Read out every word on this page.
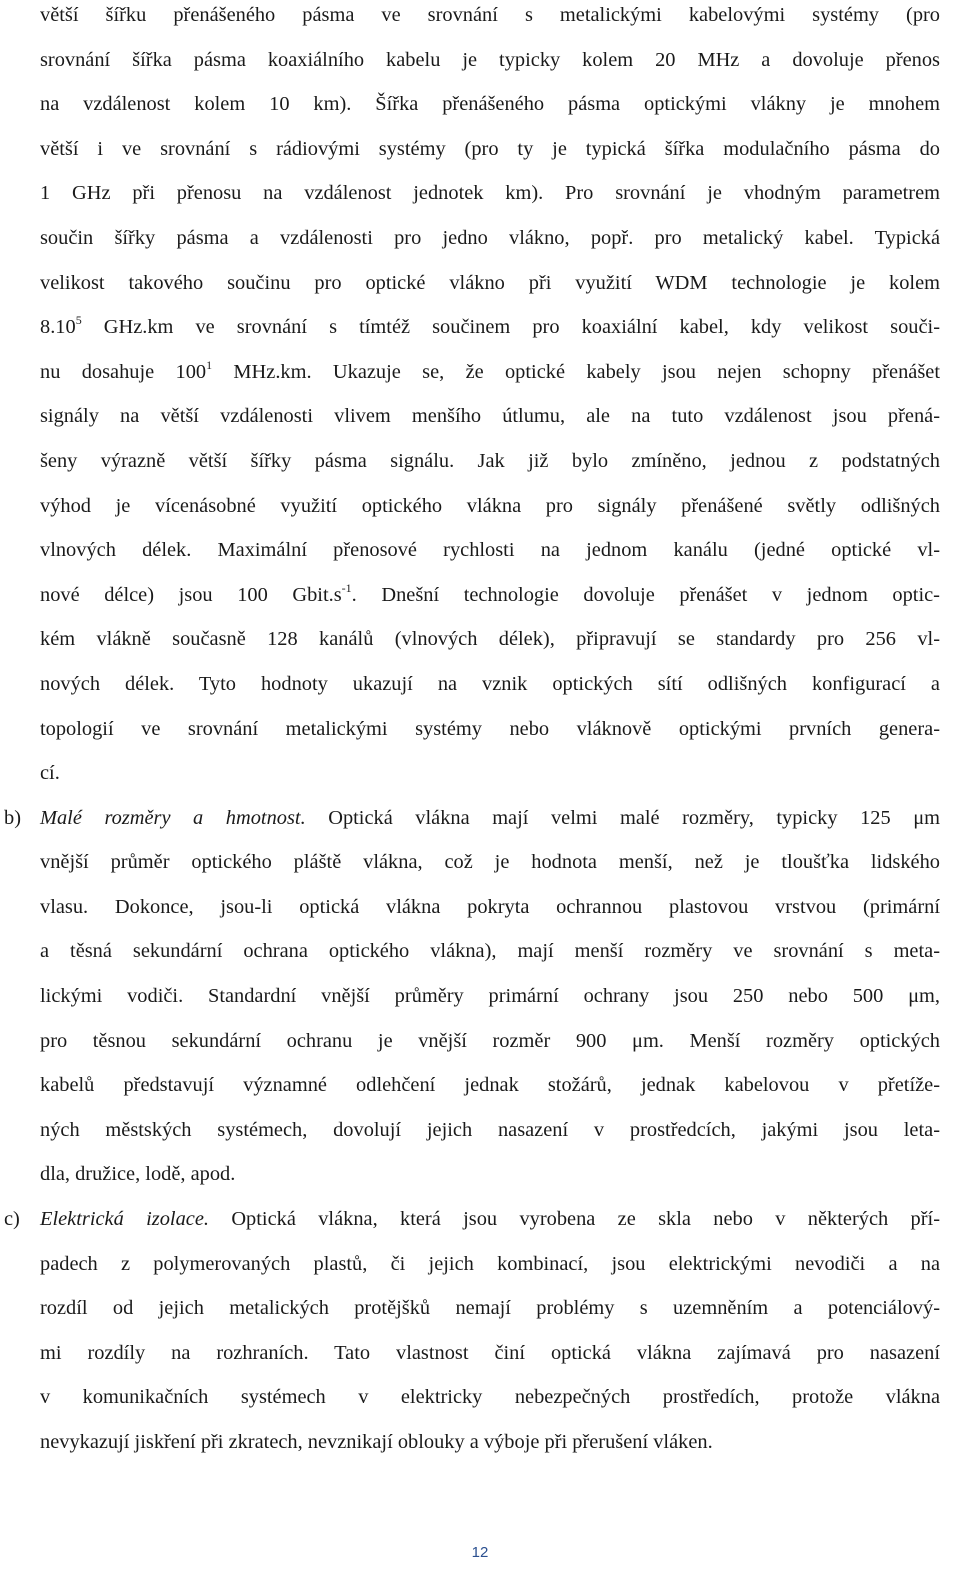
větší šířku přenášeného pásma ve srovnání s metalickými kabelovými systémy (pro
srovnání šířka pásma koaxiálního kabelu je typicky kolem 20 MHz a dovoluje přenos
na vzdálenost kolem 10 km). Šířka přenášeného pásma optickými vlákny je mnohem
větší i ve srovnání s rádiovými systémy (pro ty je typická šířka modulačního pásma do
1 GHz při přenosu na vzdálenost jednotek km). Pro srovnání je vhodným parametrem
součin šířky pásma a vzdálenosti pro jedno vlákno, popř. pro metalický kabel. Typická
velikost takového součinu pro optické vlákno při využití WDM technologie je kolem
8.10$^5$ GHz.km ve srovnání s tímtéž součinem pro koaxiální kabel, kdy velikost souči-
nu dosahuje $100^1$ MHz.km. Ukazuje se, že optické kabely jsou nejen schopny přenášet
signály na větší vzdálenosti vlivem menšího útlumu, ale na tuto vzdálenost jsou přená-
šeny výrazně větší šířky pásma signálu. Jak již bylo zmíněno, jednou z podstatných
výhod je vícenásobné využití optického vlákna pro signály přenášené světly odlišných
vlnových délek. Maximální přenosové rychlosti na jednom kanálu (jedné optické vl-
nové délce) jsou 100 $Gbit.s^{-1}$. Dnešní technologie dovoluje přenášet v jednom optic-
kém vlákně současně 128 kanálů (vlnových délek), připravují se standardy pro 256 vl-
nových délek. Tyto hodnoty ukazují na vznik optických sítí odlišných konfigurací a
topologií ve srovnání metalickými systémy nebo vláknově optickými prvních genera-
cí.
b) Malé rozměry a hmotnost. Optická vlákna mají velmi malé rozměry, typicky 125 μm
vnější průměr optického pláště vlákna, což je hodnota menší, než je tloušťka lidského
vlasu. Dokonce, jsou-li optická vlákna pokryta ochrannou plastovou vrstvou (primární
a těsná sekundární ochrana optického vlákna), mají menší rozměry ve srovnání s meta-
lickými vodiči. Standardní vnější průměry primární ochrany jsou 250 nebo 500 μm,
pro těsnou sekundární ochranu je vnější rozměr 900 μm. Menší rozměry optických
kabelů představují významné odlehčení jednak stožárů, jednak kabelovou v přetíže-
ných městských systémech, dovolují jejich nasazení v prostředcích, jakými jsou leta-
dla, družice, lodě, apod.
c) Elektrická izolace. Optická vlákna, která jsou vyrobena ze skla nebo v některých pří-
padech z polymerovaných plastů, či jejich kombinací, jsou elektrickými nevodiči a na
rozdíl od jejich metalických protějšků nemají problémy s uzemněním a potenciálový-
mi rozdíly na rozhraních. Tato vlastnost činí optická vlákna zajímavá pro nasazení
v komunikačních systémech v elektricky nebezpečných prostředích, protože vlákna
nevykazují jiskření při zkratech, nevznikají oblouky a výboje při přerušení vláken.
12
